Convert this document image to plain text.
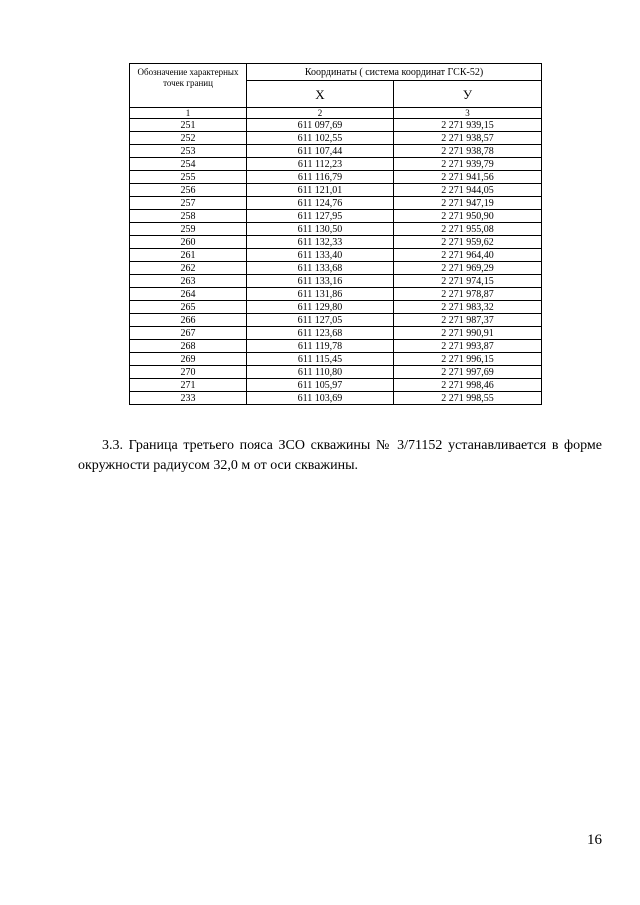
Обозначение характерных точек границ	Координаты ( система координат ГСК-52)	
	X	У
1	2	3
251	611 097,69	2 271 939,15
252	611 102,55	2 271 938,57
253	611 107,44	2 271 938,78
254	611 112,23	2 271 939,79
255	611 116,79	2 271 941,56
256	611 121,01	2 271 944,05
257	611 124,76	2 271 947,19
258	611 127,95	2 271 950,90
259	611 130,50	2 271 955,08
260	611 132,33	2 271 959,62
261	611 133,40	2 271 964,40
262	611 133,68	2 271 969,29
263	611 133,16	2 271 974,15
264	611 131,86	2 271 978,87
265	611 129,80	2 271 983,32
266	611 127,05	2 271 987,37
267	611 123,68	2 271 990,91
268	611 119,78	2 271 993,87
269	611 115,45	2 271 996,15
270	611 110,80	2 271 997,69
271	611 105,97	2 271 998,46
233	611 103,69	2 271 998,55
3.3. Граница третьего пояса ЗСО скважины № 3/71152 устанавливается в форме окружности радиусом 32,0 м от оси скважины.
16
